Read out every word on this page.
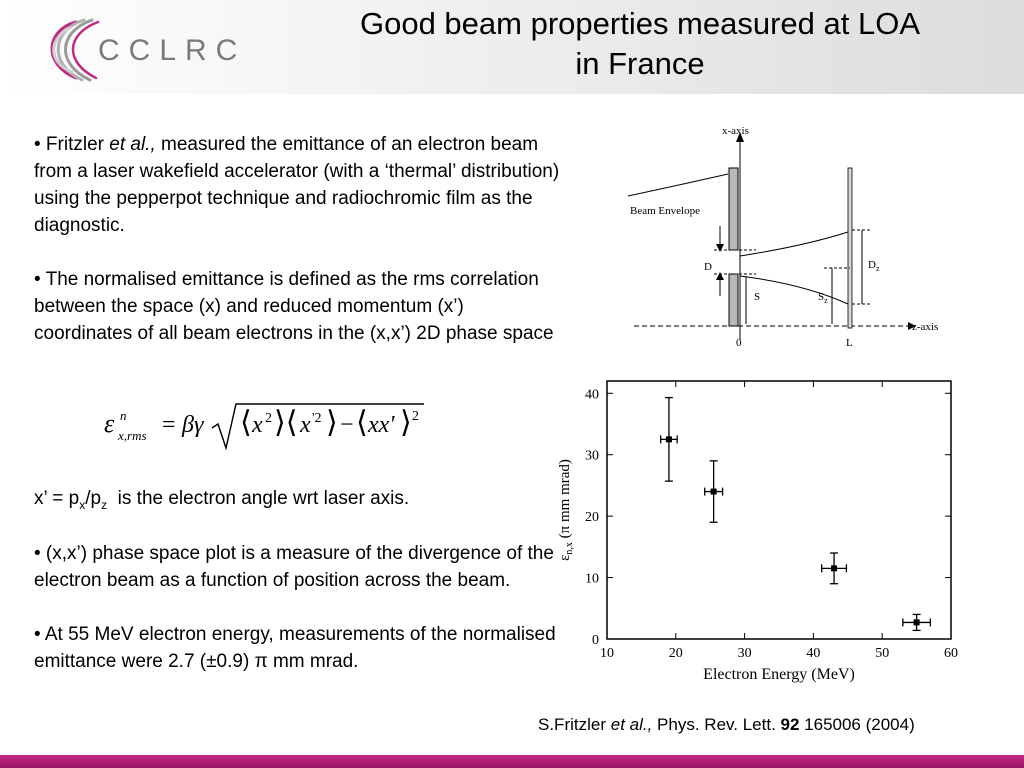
CCLRC
Good beam properties measured at LOA
in France

• Fritzler et al., measured the emittance of an electron beam from a laser wakefield accelerator (with a ‘thermal’ distribution) using the pepperpot technique and radiochromic film as the diagnostic.

• The normalised emittance is defined as the rms correlation between the space (x) and reduced momentum (x’) coordinates of all beam electrons in the (x,x’) 2D phase space

ε n
x,rms = βγ ⟨ x 2 ⟩⟨ x '2 ⟩ − ⟨ xx' ⟩ 2
x’ = $p_x/p_z$  is the electron angle wrt laser axis.

• (x,x’) phase space plot is a measure of the divergence of the electron beam as a function of position across the beam.

• At 55 MeV electron energy, measurements of the normalised emittance were 2.7 (±0.9) π mm mrad.

z-axis
x-axis
Beam Envelope
D
S	$S_z$
$D_z$
0	L
10	20	30	40	50	60
0
10
20
30
40
Electron Energy (MeV)
$\varepsilon_{n,x}$ (π mm mrad)
S.Fritzler et al., Phys. Rev. Lett. 92 165006 (2004)
